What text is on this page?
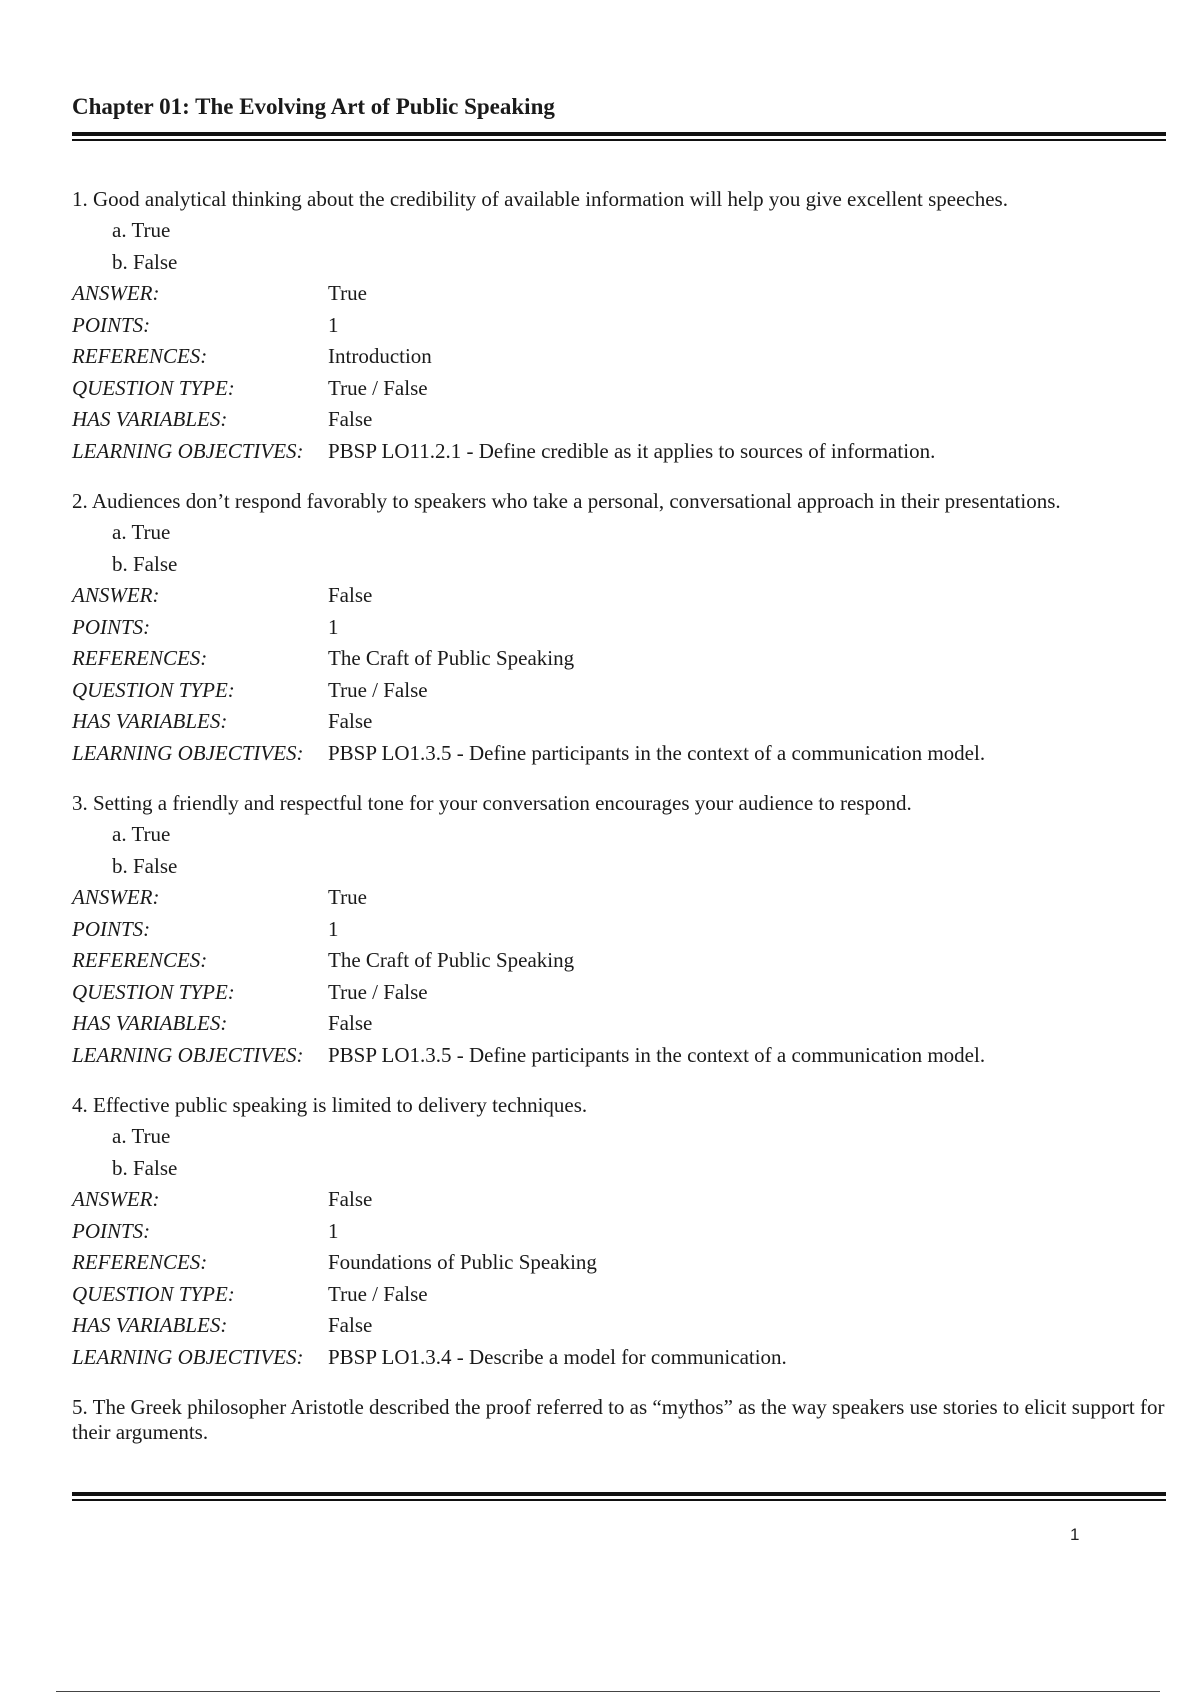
Chapter 01: The Evolving Art of Public Speaking

1. Good analytical thinking about the credibility of available information will help you give excellent speeches.

a. True
b. False
ANSWER:	True
POINTS:	1
REFERENCES:	Introduction
QUESTION TYPE:	True / False
HAS VARIABLES:	False
LEARNING OBJECTIVES:	PBSP LO11.2.1 - Define credible as it applies to sources of information.

2. Audiences don’t respond favorably to speakers who take a personal, conversational approach in their presentations.

a. True
b. False
ANSWER:	False
POINTS:	1
REFERENCES:	The Craft of Public Speaking
QUESTION TYPE:	True / False
HAS VARIABLES:	False
LEARNING OBJECTIVES:	PBSP LO1.3.5 - Define participants in the context of a communication model.

3. Setting a friendly and respectful tone for your conversation encourages your audience to respond.

a. True
b. False
ANSWER:	True
POINTS:	1
REFERENCES:	The Craft of Public Speaking
QUESTION TYPE:	True / False
HAS VARIABLES:	False
LEARNING OBJECTIVES:	PBSP LO1.3.5 - Define participants in the context of a communication model.

4. Effective public speaking is limited to delivery techniques.

a. True
b. False
ANSWER:	False
POINTS:	1
REFERENCES:	Foundations of Public Speaking
QUESTION TYPE:	True / False
HAS VARIABLES:	False
LEARNING OBJECTIVES:	PBSP LO1.3.4 - Describe a model for communication.

5. The Greek philosopher Aristotle described the proof referred to as “mythos” as the way speakers use stories to elicit support for their arguments.

1
